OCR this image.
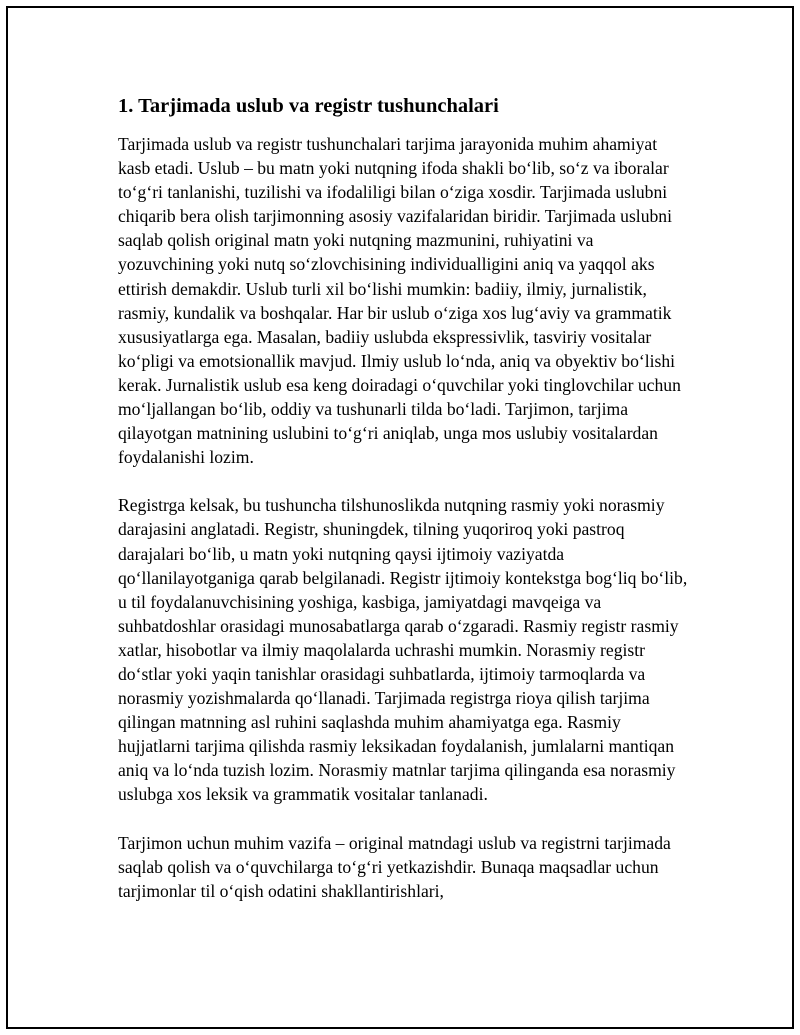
1. Tarjimada uslub va registr tushunchalari

Tarjimada uslub va registr tushunchalari tarjima jarayonida muhim ahamiyat kasb etadi. Uslub – bu matn yoki nutqning ifoda shakli bo‘lib, so‘z va iboralar to‘g‘ri tanlanishi, tuzilishi va ifodaliligi bilan o‘ziga xosdir. Tarjimada uslubni chiqarib bera olish tarjimonning asosiy vazifalaridan biridir. Tarjimada uslubni saqlab qolish original matn yoki nutqning mazmunini, ruhiyatini va yozuvchining yoki nutq so‘zlovchisining individualligini aniq va yaqqol aks ettirish demakdir. Uslub turli xil bo‘lishi mumkin: badiiy, ilmiy, jurnalistik, rasmiy, kundalik va boshqalar. Har bir uslub o‘ziga xos lug‘aviy va grammatik xususiyatlarga ega. Masalan, badiiy uslubda ekspressivlik, tasviriy vositalar ko‘pligi va emotsionallik mavjud. Ilmiy uslub lo‘nda, aniq va obyektiv bo‘lishi kerak. Jurnalistik uslub esa keng doiradagi o‘quvchilar yoki tinglovchilar uchun mo‘ljallangan bo‘lib, oddiy va tushunarli tilda bo‘ladi. Tarjimon, tarjima qilayotgan matnining uslubini to‘g‘ri aniqlab, unga mos uslubiy vositalardan foydalanishi lozim.

Registrga kelsak, bu tushuncha tilshunoslikda nutqning rasmiy yoki norasmiy darajasini anglatadi. Registr, shuningdek, tilning yuqoriroq yoki pastroq darajalari bo‘lib, u matn yoki nutqning qaysi ijtimoiy vaziyatda qo‘llanilayotganiga qarab belgilanadi. Registr ijtimoiy kontekstga bog‘liq bo‘lib, u til foydalanuvchisining yoshiga, kasbiga, jamiyatdagi mavqeiga va suhbatdoshlar orasidagi munosabatlarga qarab o‘zgaradi. Rasmiy registr rasmiy xatlar, hisobotlar va ilmiy maqolalarda uchrashi mumkin. Norasmiy registr do‘stlar yoki yaqin tanishlar orasidagi suhbatlarda, ijtimoiy tarmoqlarda va norasmiy yozishmalarda qo‘llanadi. Tarjimada registrga rioya qilish tarjima qilingan matnning asl ruhini saqlashda muhim ahamiyatga ega. Rasmiy hujjatlarni tarjima qilishda rasmiy leksikadan foydalanish, jumlalarni mantiqan aniq va lo‘nda tuzish lozim. Norasmiy matnlar tarjima qilinganda esa norasmiy uslubga xos leksik va grammatik vositalar tanlanadi.

Tarjimon uchun muhim vazifa – original matndagi uslub va registrni tarjimada saqlab qolish va o‘quvchilarga to‘g‘ri yetkazishdir. Bunaqa maqsadlar uchun tarjimonlar til o‘qish odatini shakllantirishlari,
